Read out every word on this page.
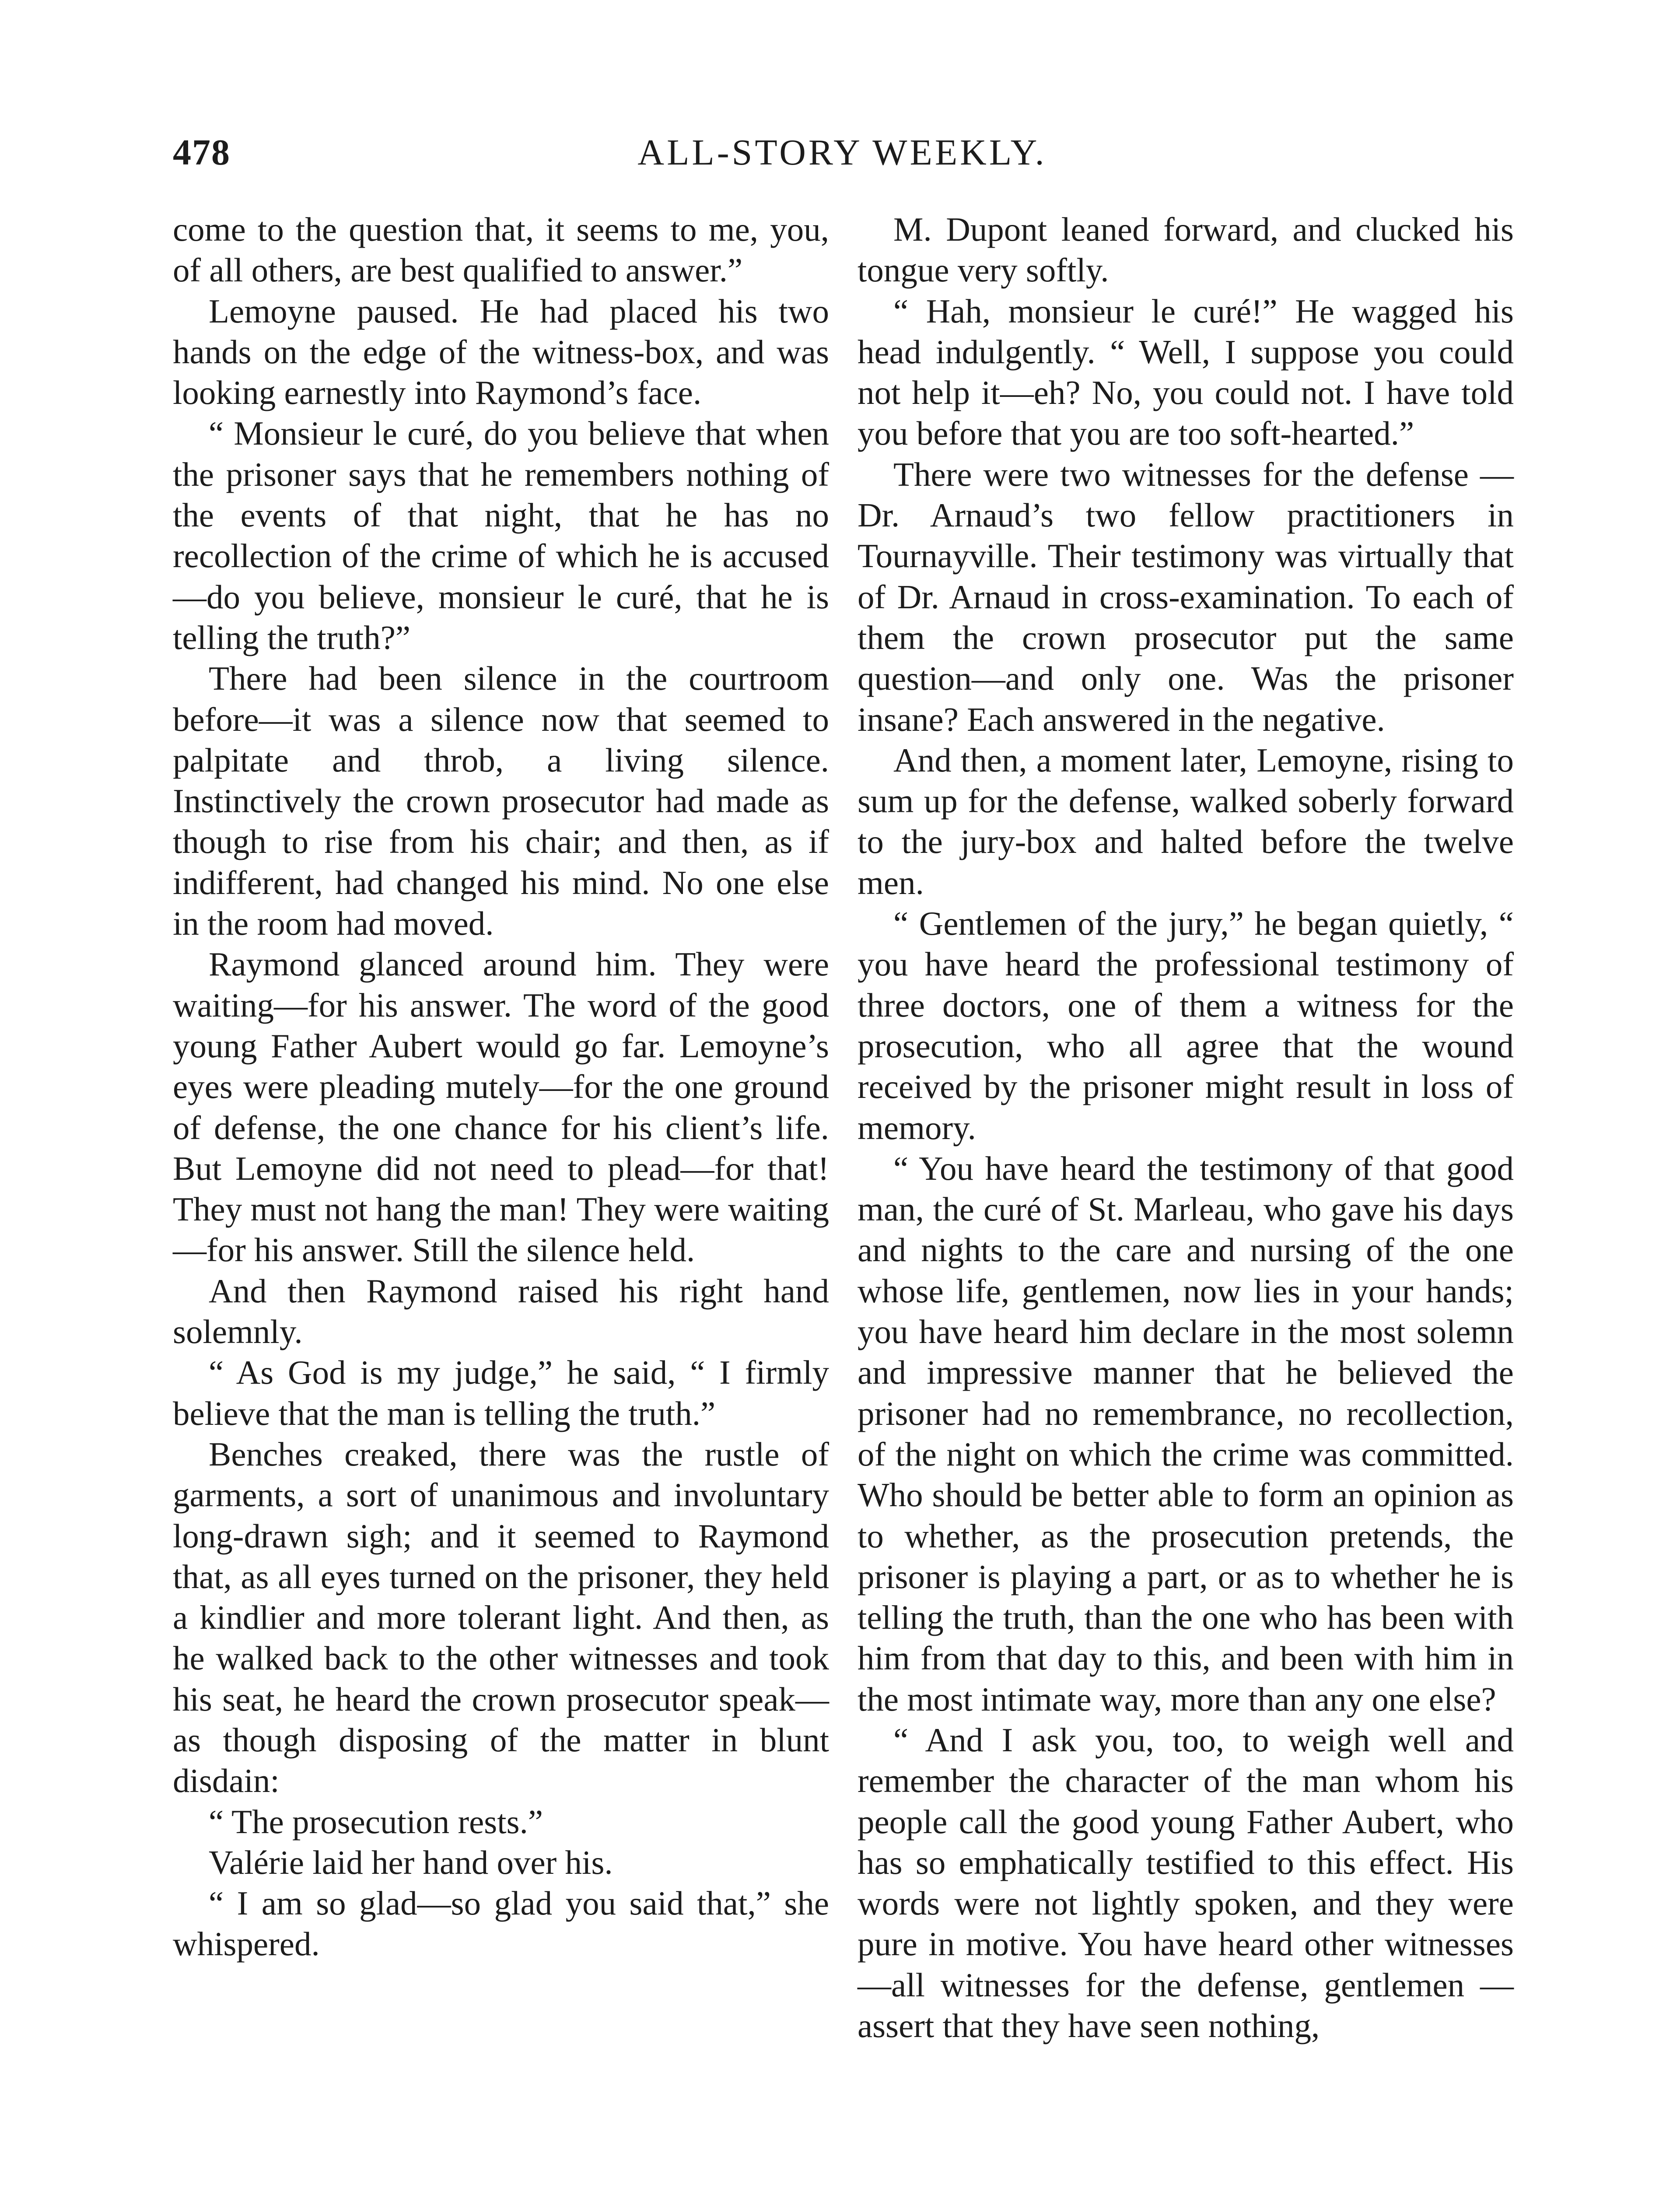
478	ALL-STORY WEEKLY.

come to the question that, it seems to me, you, of all others, are best qualified to answer.”

Lemoyne paused. He had placed his two hands on the edge of the witness-box, and was looking earnestly into Raymond’s face.

“ Monsieur le curé, do you believe that when the prisoner says that he remembers nothing of the events of that night, that he has no recollection of the crime of which he is accused—do you believe, monsieur le curé, that he is telling the truth?”

There had been silence in the courtroom before—it was a silence now that seemed to palpitate and throb, a living silence. Instinctively the crown prosecutor had made as though to rise from his chair; and then, as if indifferent, had changed his mind. No one else in the room had moved.

Raymond glanced around him. They were waiting—for his answer. The word of the good young Father Aubert would go far. Lemoyne’s eyes were pleading mutely—for the one ground of defense, the one chance for his client’s life. But Lemoyne did not need to plead—for that! They must not hang the man! They were waiting—for his answer. Still the silence held.

And then Raymond raised his right hand solemnly.

“ As God is my judge,” he said, “ I firmly believe that the man is telling the truth.”

Benches creaked, there was the rustle of garments, a sort of unanimous and involuntary long-drawn sigh; and it seemed to Raymond that, as all eyes turned on the prisoner, they held a kindlier and more tolerant light. And then, as he walked back to the other witnesses and took his seat, he heard the crown prosecutor speak—as though disposing of the matter in blunt disdain:

“ The prosecution rests.”

Valérie laid her hand over his.

“ I am so glad—so glad you said that,” she whispered.

M. Dupont leaned forward, and clucked his tongue very softly.

“ Hah, monsieur le curé!” He wagged his head indulgently. “ Well, I suppose you could not help it—eh? No, you could not. I have told you before that you are too soft-hearted.”

There were two witnesses for the defense — Dr. Arnaud’s two fellow practitioners in Tournayville. Their testimony was virtually that of Dr. Arnaud in cross-examination. To each of them the crown prosecutor put the same question—and only one. Was the prisoner insane? Each answered in the negative.

And then, a moment later, Lemoyne, rising to sum up for the defense, walked soberly forward to the jury-box and halted before the twelve men.

“ Gentlemen of the jury,” he began quietly, “ you have heard the professional testimony of three doctors, one of them a witness for the prosecution, who all agree that the wound received by the prisoner might result in loss of memory.

“ You have heard the testimony of that good man, the curé of St. Marleau, who gave his days and nights to the care and nursing of the one whose life, gentlemen, now lies in your hands; you have heard him declare in the most solemn and impressive manner that he believed the prisoner had no remembrance, no recollection, of the night on which the crime was committed. Who should be better able to form an opinion as to whether, as the prosecution pretends, the prisoner is playing a part, or as to whether he is telling the truth, than the one who has been with him from that day to this, and been with him in the most intimate way, more than any one else?

“ And I ask you, too, to weigh well and remember the character of the man whom his people call the good young Father Aubert, who has so emphatically testified to this effect. His words were not lightly spoken, and they were pure in motive. You have heard other witnesses —all witnesses for the defense, gentlemen —assert that they have seen nothing,
